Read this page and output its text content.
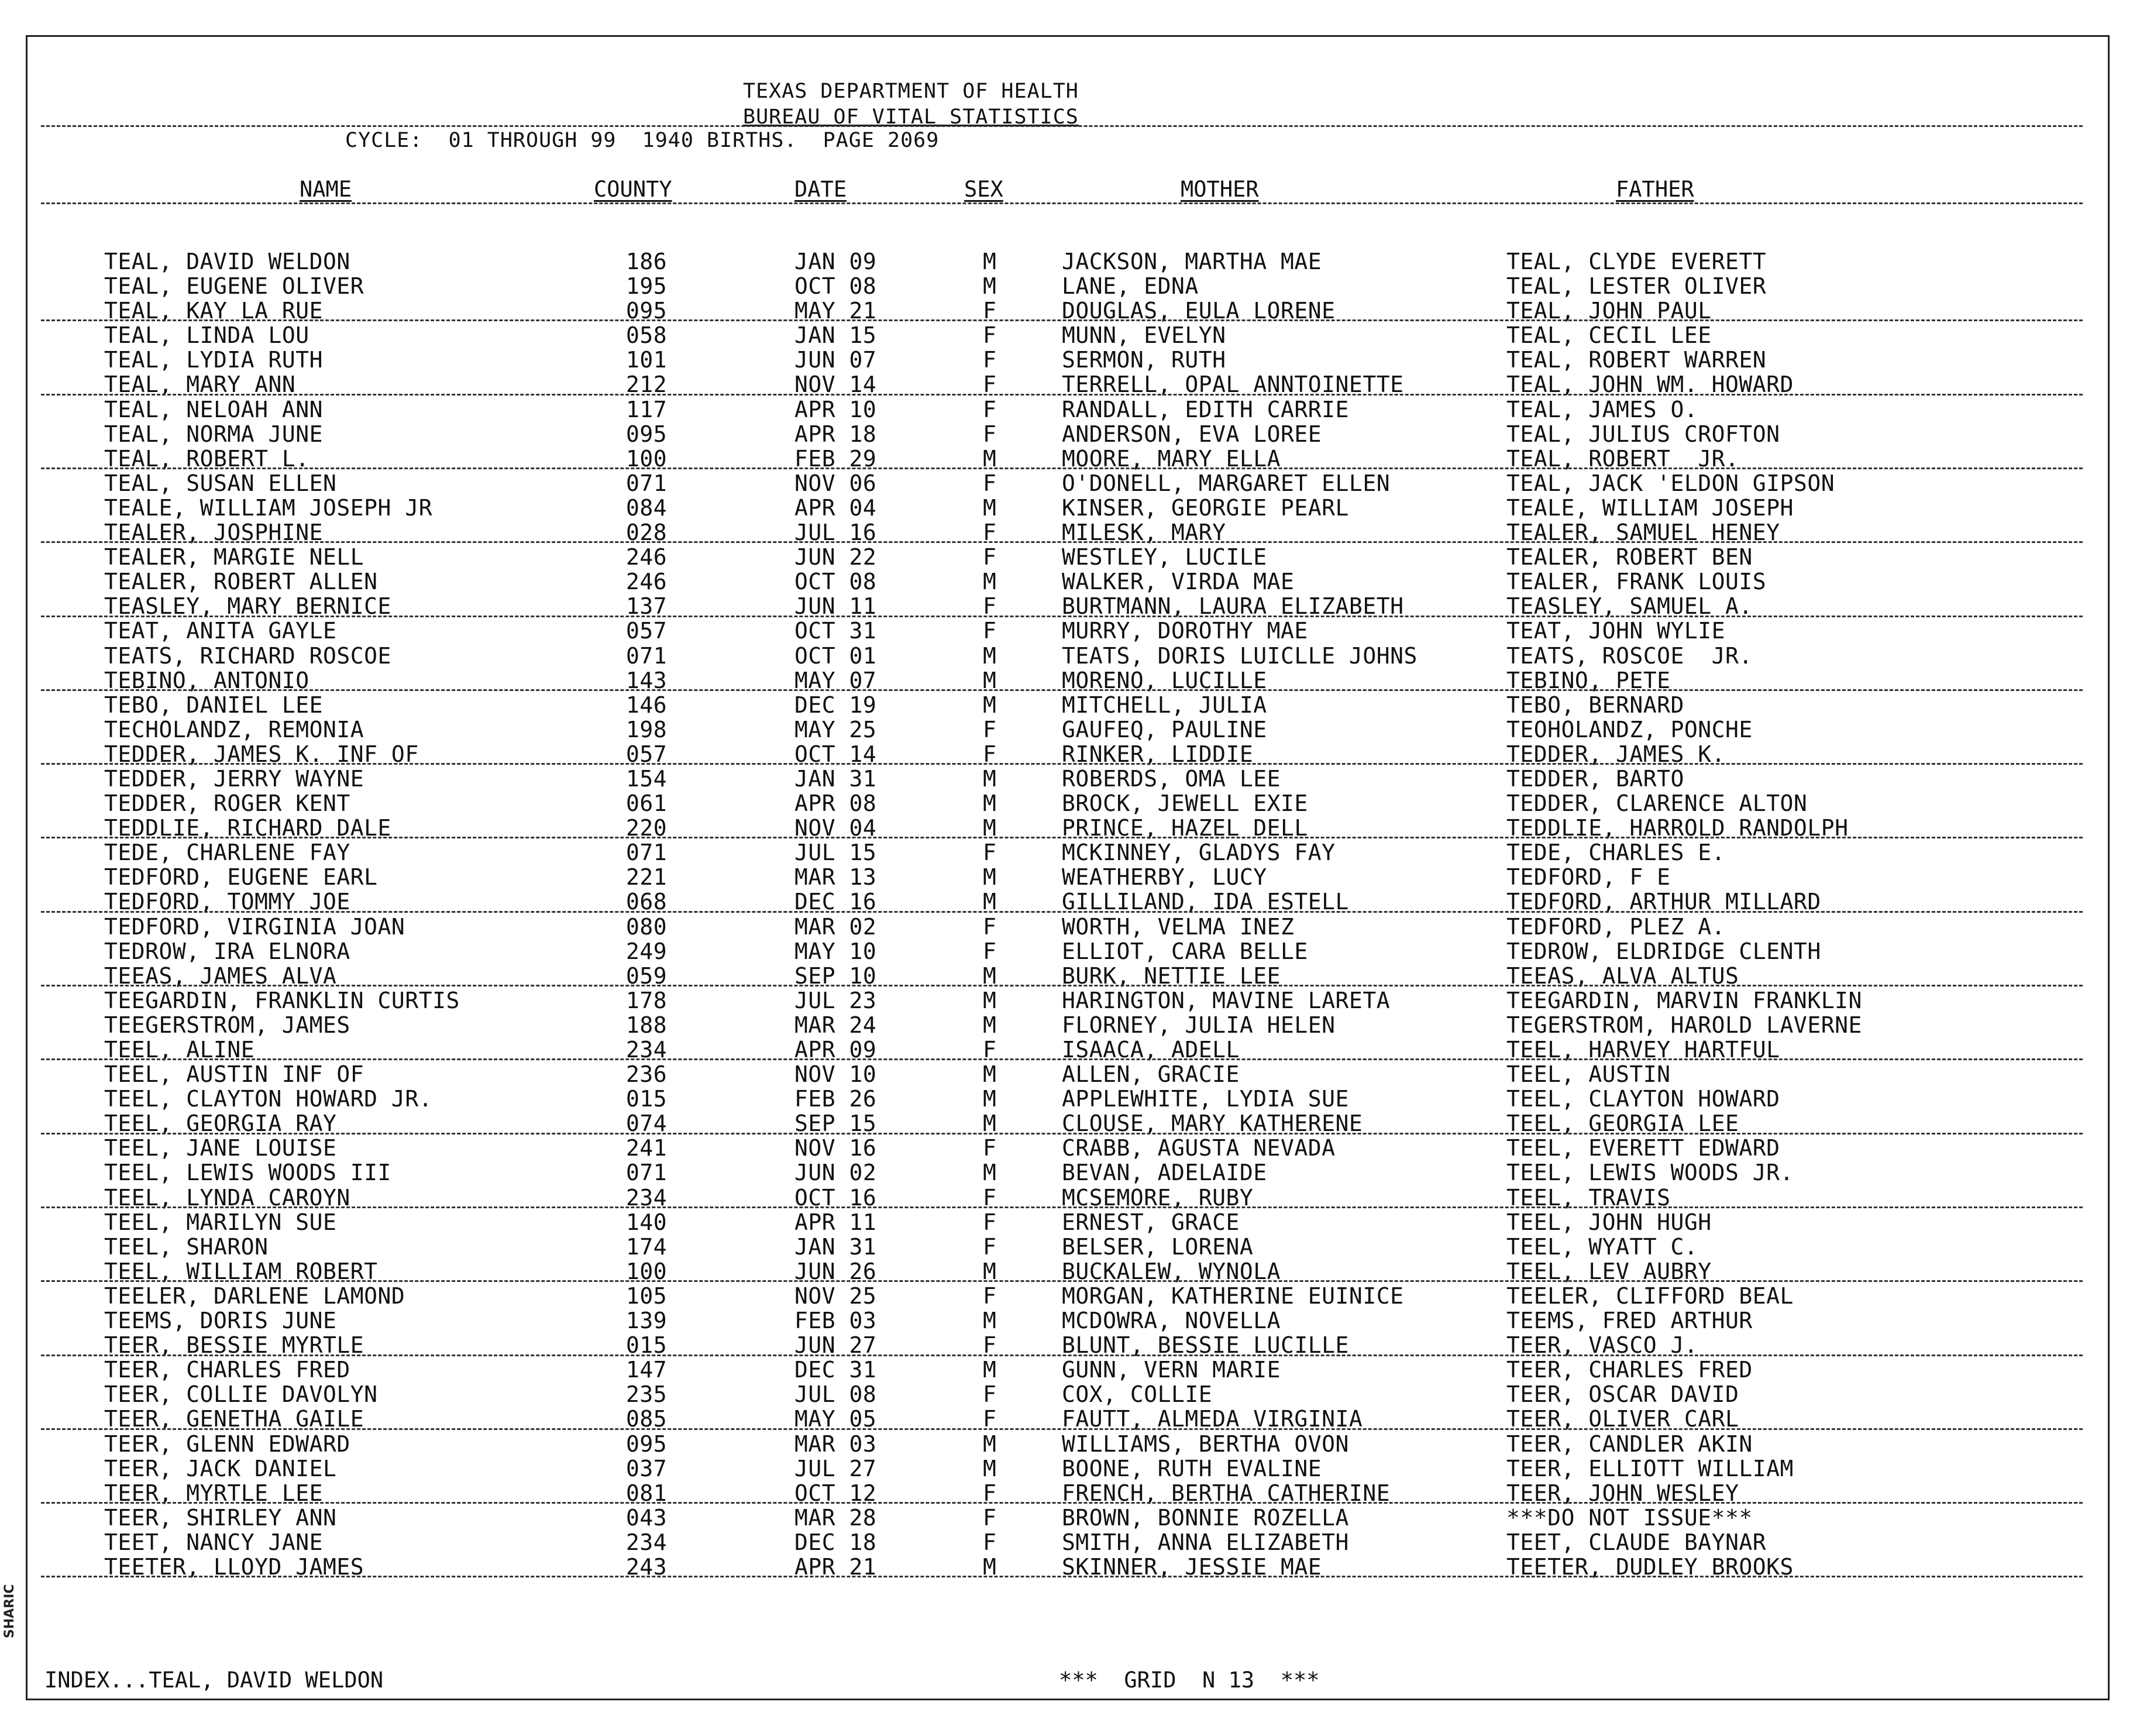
SHARIC
TEXAS DEPARTMENT OF HEALTH
BUREAU OF VITAL STATISTICS
CYCLE:  01 THROUGH 99  1940 BIRTHS.  PAGE 2069
NAME	COUNTY	DATE	SEX	MOTHER	FATHER
TEAL, DAVID WELDON	186	JAN 09	M	JACKSON, MARTHA MAE	TEAL, CLYDE EVERETT
TEAL, EUGENE OLIVER	195	OCT 08	M	LANE, EDNA	TEAL, LESTER OLIVER
TEAL, KAY LA RUE	095	MAY 21	F	DOUGLAS, EULA LORENE	TEAL, JOHN PAUL
TEAL, LINDA LOU	058	JAN 15	F	MUNN, EVELYN	TEAL, CECIL LEE
TEAL, LYDIA RUTH	101	JUN 07	F	SERMON, RUTH	TEAL, ROBERT WARREN
TEAL, MARY ANN	212	NOV 14	F	TERRELL, OPAL ANNTOINETTE	TEAL, JOHN WM. HOWARD
TEAL, NELOAH ANN	117	APR 10	F	RANDALL, EDITH CARRIE	TEAL, JAMES O.
TEAL, NORMA JUNE	095	APR 18	F	ANDERSON, EVA LOREE	TEAL, JULIUS CROFTON
TEAL, ROBERT L.	100	FEB 29	M	MOORE, MARY ELLA	TEAL, ROBERT  JR.
TEAL, SUSAN ELLEN	071	NOV 06	F	O'DONELL, MARGARET ELLEN	TEAL, JACK 'ELDON GIPSON
TEALE, WILLIAM JOSEPH JR	084	APR 04	M	KINSER, GEORGIE PEARL	TEALE, WILLIAM JOSEPH
TEALER, JOSPHINE	028	JUL 16	F	MILESK, MARY	TEALER, SAMUEL HENEY
TEALER, MARGIE NELL	246	JUN 22	F	WESTLEY, LUCILE	TEALER, ROBERT BEN
TEALER, ROBERT ALLEN	246	OCT 08	M	WALKER, VIRDA MAE	TEALER, FRANK LOUIS
TEASLEY, MARY BERNICE	137	JUN 11	F	BURTMANN, LAURA ELIZABETH	TEASLEY, SAMUEL A.
TEAT, ANITA GAYLE	057	OCT 31	F	MURRY, DOROTHY MAE	TEAT, JOHN WYLIE
TEATS, RICHARD ROSCOE	071	OCT 01	M	TEATS, DORIS LUICLLE JOHNS	TEATS, ROSCOE  JR.
TEBINO, ANTONIO	143	MAY 07	M	MORENO, LUCILLE	TEBINO, PETE
TEBO, DANIEL LEE	146	DEC 19	M	MITCHELL, JULIA	TEBO, BERNARD
TECHOLANDZ, REMONIA	198	MAY 25	F	GAUFEQ, PAULINE	TEOHOLANDZ, PONCHE
TEDDER, JAMES K. INF OF	057	OCT 14	F	RINKER, LIDDIE	TEDDER, JAMES K.
TEDDER, JERRY WAYNE	154	JAN 31	M	ROBERDS, OMA LEE	TEDDER, BARTO
TEDDER, ROGER KENT	061	APR 08	M	BROCK, JEWELL EXIE	TEDDER, CLARENCE ALTON
TEDDLIE, RICHARD DALE	220	NOV 04	M	PRINCE, HAZEL DELL	TEDDLIE, HARROLD RANDOLPH
TEDE, CHARLENE FAY	071	JUL 15	F	MCKINNEY, GLADYS FAY	TEDE, CHARLES E.
TEDFORD, EUGENE EARL	221	MAR 13	M	WEATHERBY, LUCY	TEDFORD, F E
TEDFORD, TOMMY JOE	068	DEC 16	M	GILLILAND, IDA ESTELL	TEDFORD, ARTHUR MILLARD
TEDFORD, VIRGINIA JOAN	080	MAR 02	F	WORTH, VELMA INEZ	TEDFORD, PLEZ A.
TEDROW, IRA ELNORA	249	MAY 10	F	ELLIOT, CARA BELLE	TEDROW, ELDRIDGE CLENTH
TEEAS, JAMES ALVA	059	SEP 10	M	BURK, NETTIE LEE	TEEAS, ALVA ALTUS
TEEGARDIN, FRANKLIN CURTIS	178	JUL 23	M	HARINGTON, MAVINE LARETA	TEEGARDIN, MARVIN FRANKLIN
TEEGERSTROM, JAMES	188	MAR 24	M	FLORNEY, JULIA HELEN	TEGERSTROM, HAROLD LAVERNE
TEEL, ALINE	234	APR 09	F	ISAACA, ADELL	TEEL, HARVEY HARTFUL
TEEL, AUSTIN INF OF	236	NOV 10	M	ALLEN, GRACIE	TEEL, AUSTIN
TEEL, CLAYTON HOWARD JR.	015	FEB 26	M	APPLEWHITE, LYDIA SUE	TEEL, CLAYTON HOWARD
TEEL, GEORGIA RAY	074	SEP 15	M	CLOUSE, MARY KATHERENE	TEEL, GEORGIA LEE
TEEL, JANE LOUISE	241	NOV 16	F	CRABB, AGUSTA NEVADA	TEEL, EVERETT EDWARD
TEEL, LEWIS WOODS III	071	JUN 02	M	BEVAN, ADELAIDE	TEEL, LEWIS WOODS JR.
TEEL, LYNDA CAROYN	234	OCT 16	F	MCSEMORE, RUBY	TEEL, TRAVIS
TEEL, MARILYN SUE	140	APR 11	F	ERNEST, GRACE	TEEL, JOHN HUGH
TEEL, SHARON	174	JAN 31	F	BELSER, LORENA	TEEL, WYATT C.
TEEL, WILLIAM ROBERT	100	JUN 26	M	BUCKALEW, WYNOLA	TEEL, LEV AUBRY
TEELER, DARLENE LAMOND	105	NOV 25	F	MORGAN, KATHERINE EUINICE	TEELER, CLIFFORD BEAL
TEEMS, DORIS JUNE	139	FEB 03	M	MCDOWRA, NOVELLA	TEEMS, FRED ARTHUR
TEER, BESSIE MYRTLE	015	JUN 27	F	BLUNT, BESSIE LUCILLE	TEER, VASCO J.
TEER, CHARLES FRED	147	DEC 31	M	GUNN, VERN MARIE	TEER, CHARLES FRED
TEER, COLLIE DAVOLYN	235	JUL 08	F	COX, COLLIE	TEER, OSCAR DAVID
TEER, GENETHA GAILE	085	MAY 05	F	FAUTT, ALMEDA VIRGINIA	TEER, OLIVER CARL
TEER, GLENN EDWARD	095	MAR 03	M	WILLIAMS, BERTHA OVON	TEER, CANDLER AKIN
TEER, JACK DANIEL	037	JUL 27	M	BOONE, RUTH EVALINE	TEER, ELLIOTT WILLIAM
TEER, MYRTLE LEE	081	OCT 12	F	FRENCH, BERTHA CATHERINE	TEER, JOHN WESLEY
TEER, SHIRLEY ANN	043	MAR 28	F	BROWN, BONNIE ROZELLA	***DO NOT ISSUE***
TEET, NANCY JANE	234	DEC 18	F	SMITH, ANNA ELIZABETH	TEET, CLAUDE BAYNAR
TEETER, LLOYD JAMES	243	APR 21	M	SKINNER, JESSIE MAE	TEETER, DUDLEY BROOKS
INDEX...TEAL, DAVID WELDON	***  GRID  N 13  ***
